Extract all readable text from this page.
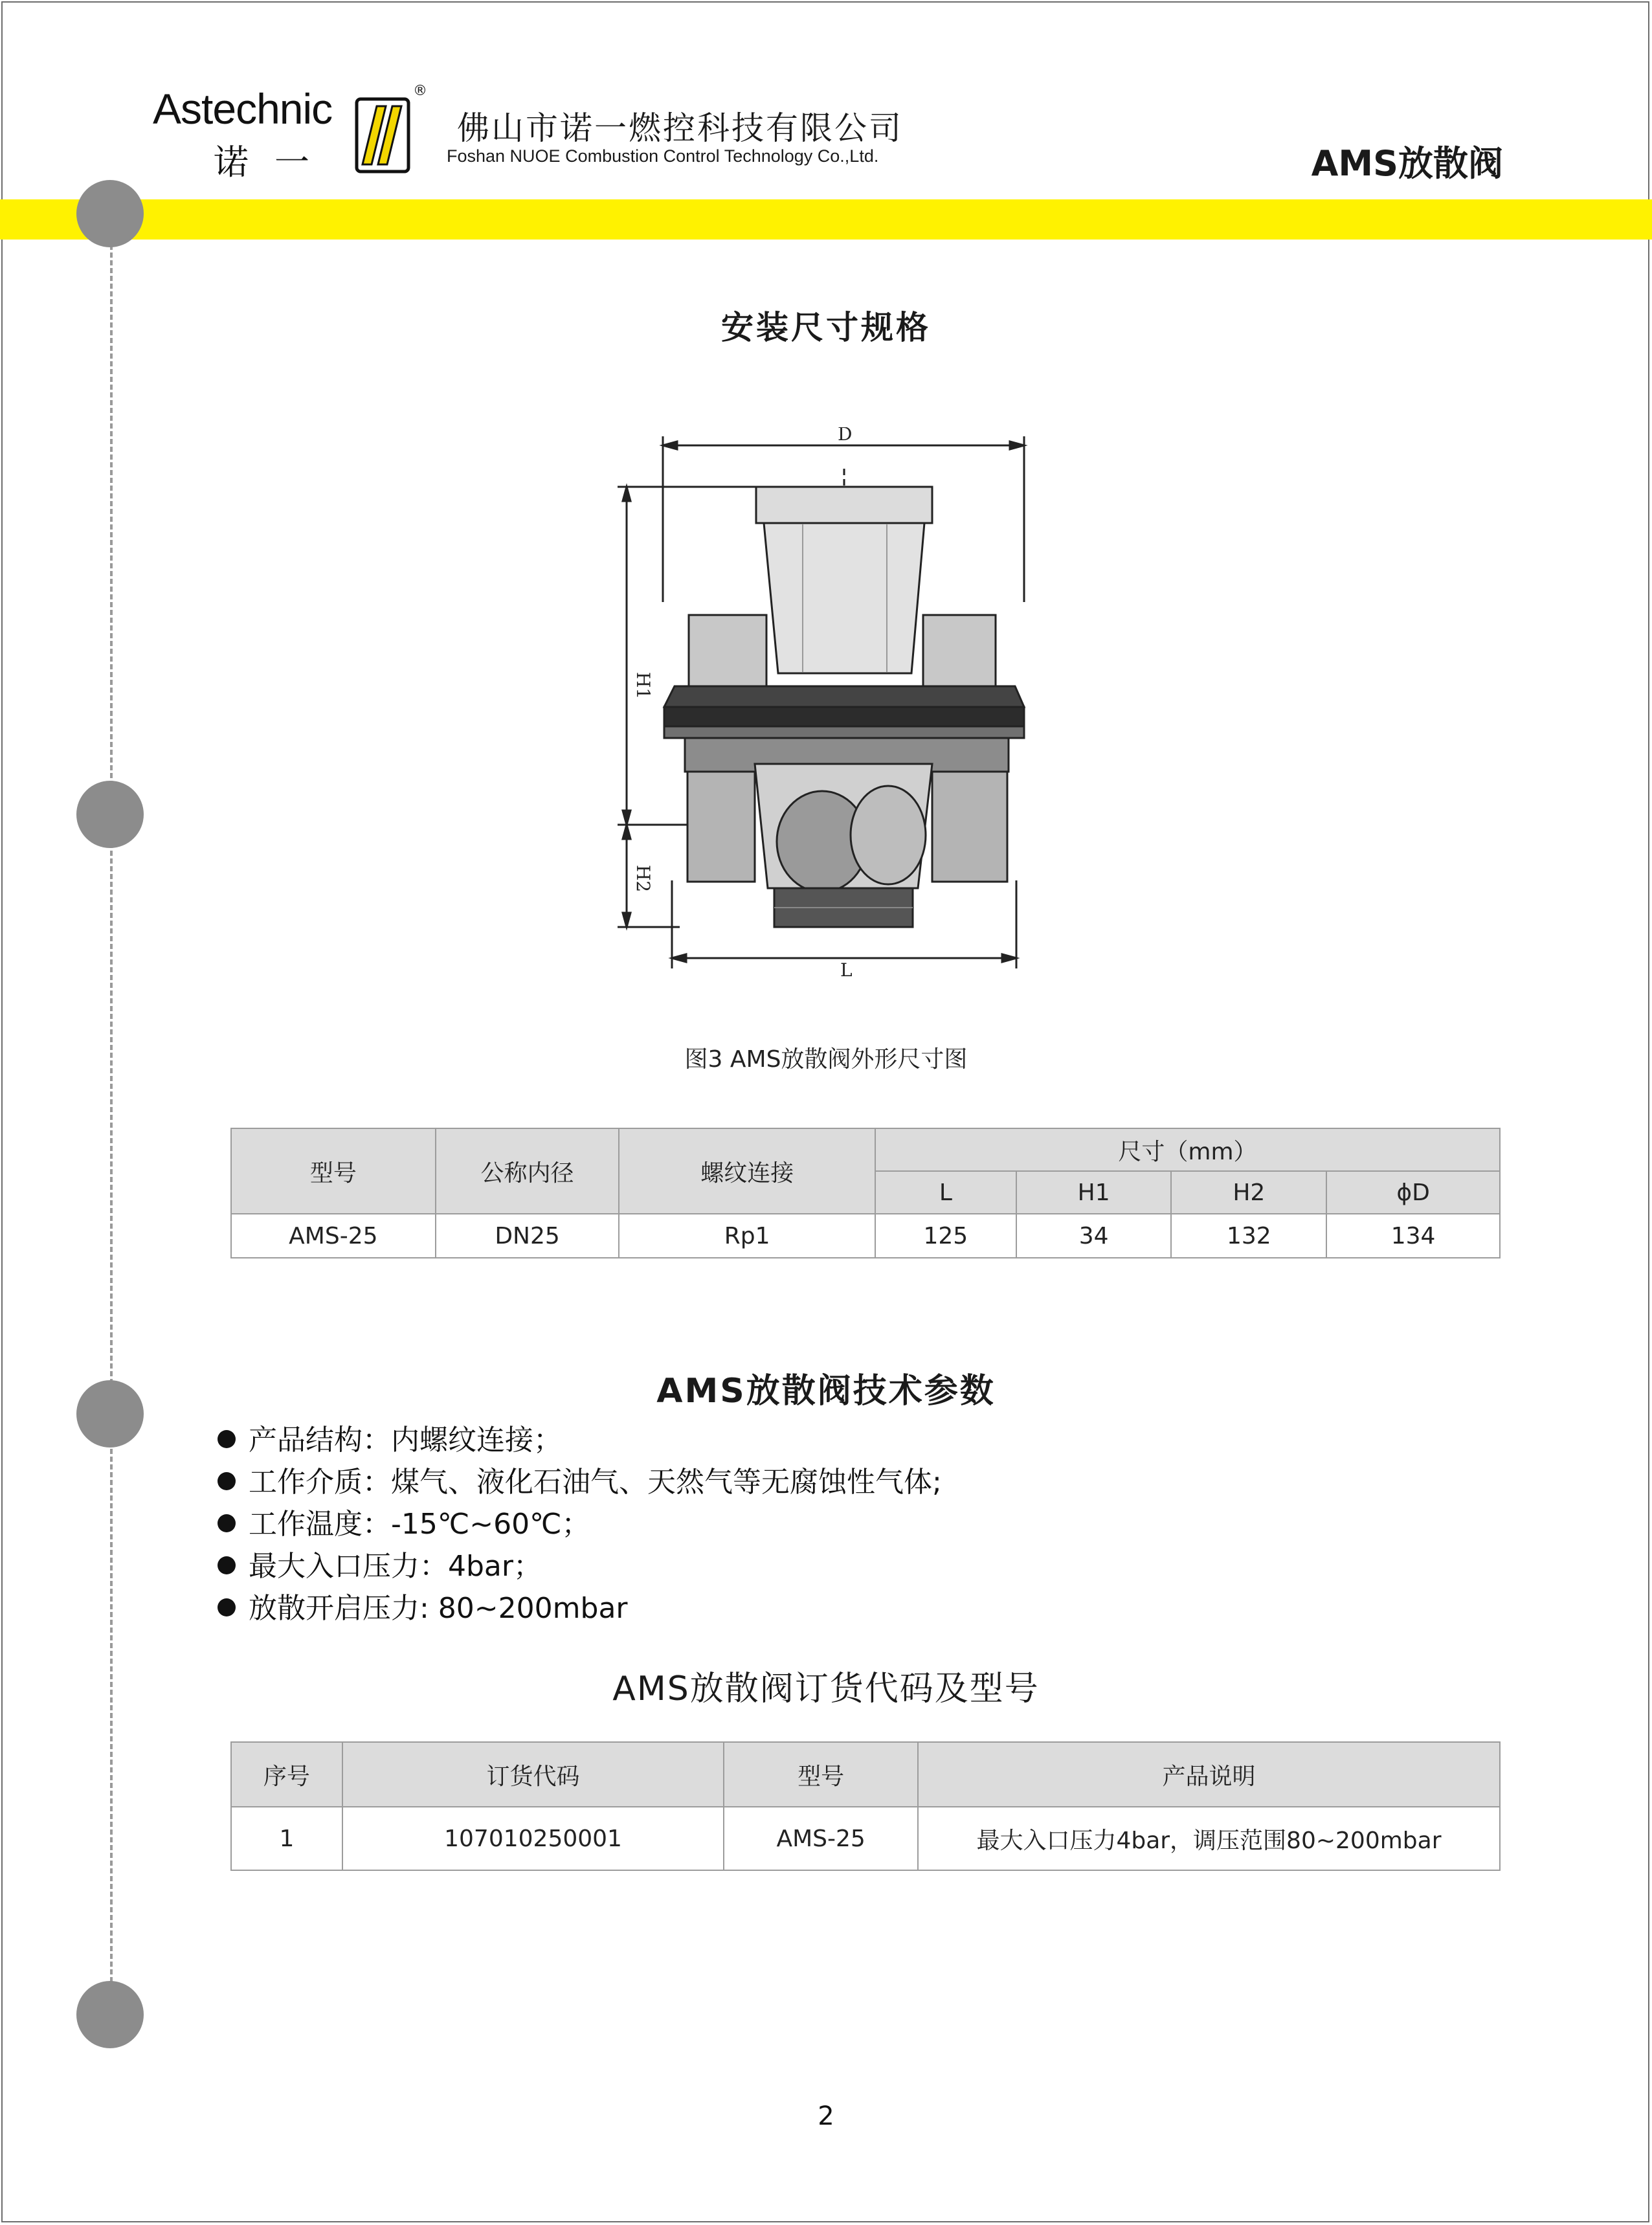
Astechnic
诺一
®
佛山市诺一燃控科技有限公司
Foshan NUOE Combustion Control Technology Co.,Ltd.	AMS放散阀
安装尺寸规格
D
H1
H2
L
图3 AMS放散阀外形尺寸图
型号	公称内径	螺纹连接	尺寸（mm）			
			L	H1	H2	ϕD
AMS-25	DN25	Rp1	125	34	132	134
AMS放散阀技术参数
产品结构：内螺纹连接；
工作介质：煤气、液化石油气、天然气等无腐蚀性气体;
工作温度：-15℃~60℃；
最大入口压力：4bar；
放散开启压力: 80~200mbar
AMS放散阀订货代码及型号
序号	订货代码	型号	产品说明
1	107010250001	AMS-25	最大入口压力4bar，调压范围80~200mbar
2
